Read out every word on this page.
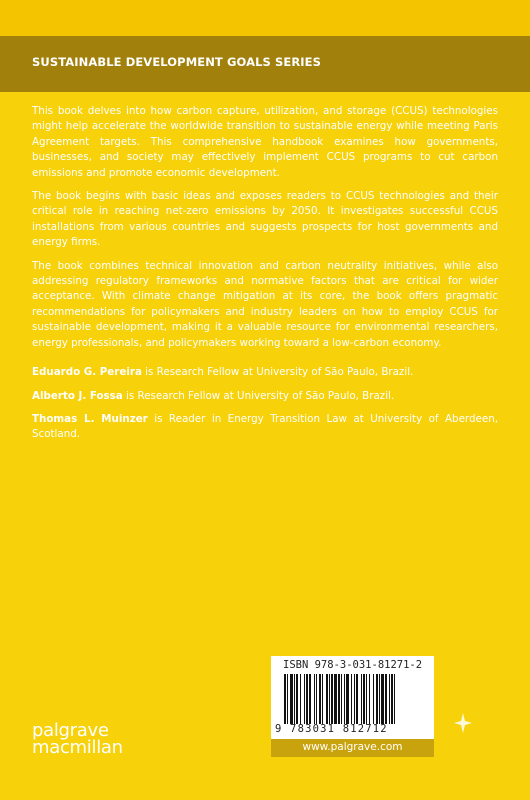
SUSTAINABLE DEVELOPMENT GOALS SERIES

This book delves into how carbon capture, utilization, and storage (CCUS) technologies might help accelerate the worldwide transition to sustainable energy while meeting Paris Agreement targets. This comprehensive handbook examines how governments, businesses, and society may effectively implement CCUS programs to cut carbon emissions and promote economic development.

The book begins with basic ideas and exposes readers to CCUS technologies and their critical role in reaching net-zero emissions by 2050. It investigates successful CCUS installations from various countries and suggests prospects for host governments and energy firms.

The book combines technical innovation and carbon neutrality initiatives, while also addressing regulatory frameworks and normative factors that are critical for wider acceptance. With climate change mitigation at its core, the book offers pragmatic recommendations for policymakers and industry leaders on how to employ CCUS for sustainable development, making it a valuable resource for environmental researchers, energy professionals, and policymakers working toward a low-carbon economy.

Eduardo G. Pereira is Research Fellow at University of São Paulo, Brazil.

Alberto J. Fossa is Research Fellow at University of São Paulo, Brazil.

Thomas L. Muinzer is Reader in Energy Transition Law at University of Aberdeen, Scotland.

ISBN 978-3-031-81271-2
9 783031 812712
www.palgrave.com
palgrave
macmillan
